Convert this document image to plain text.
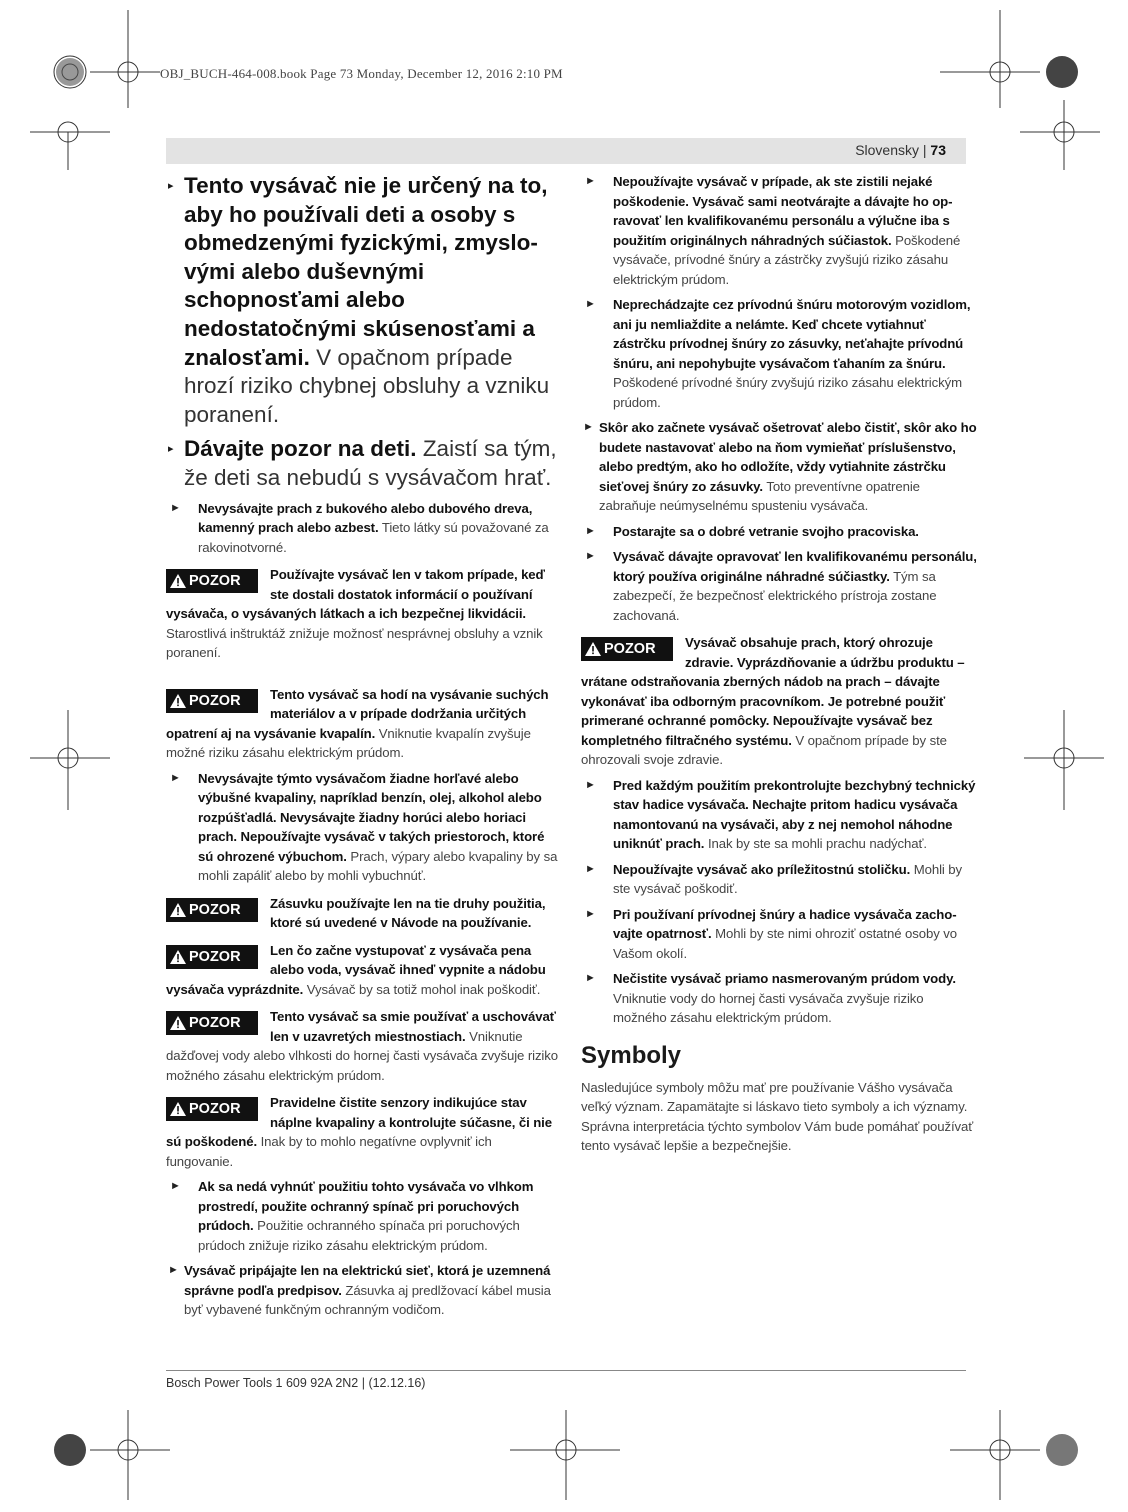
OBJ_BUCH-464-008.book Page 73 Monday, December 12, 2016 2:10 PM
Slovensky | 73
▸ Tento vysávač nie je určený na to, aby ho používali deti a osoby s obmedzenými fyzickými, zmyslovými alebo duševnými schopnosťami alebo nedostatočnými skúsenosťami a znalosťami. V opačnom prípade hrozí riziko chybnej obsluhy a vzniku poranení.
▸ Dávajte pozor na deti. Zaistí sa tým, že deti sa nebudú s vysávačom hrať.

► Nevysávajte prach z bukového alebo dubového dreva, kamenný prach alebo azbest. Tieto látky sú považované za rakovinotvorné.

POZOR	Používajte vysávač len v takom prípade, keď ste dostali dostatok informácií o používaní vysávača, o vysávaných látkach a ich bezpečnej likvidácii. Starostlivá inštruktáž znižuje možnosť nesprávnej obsluhy a vznik poranení.

POZOR	Tento vysávač sa hodí na vysávanie suchých materiálov a v prípade dodržania určitých opatrení aj na vysávanie kvapalín. Vniknutie kvapalín zvyšuje možné riziku zásahu elektrickým prúdom.

► Nevysávajte týmto vysávačom žiadne horľavé alebo výbušné kvapaliny, napríklad benzín, olej, alkohol alebo rozpúšťadlá. Nevysávajte žiadny horúci alebo horiaci prach. Nepoužívajte vysávač v takých priestoroch, ktoré sú ohrozené výbuchom. Prach, výpary alebo kvapaliny by sa mohli zapáliť alebo by mohli vybuchnúť.

POZOR	Zásuvku používajte len na tie druhy použitia, ktoré sú uvedené v Návode na používanie.

POZOR	Len čo začne vystupovať z vysávača pena alebo voda, vysávač ihneď vypnite a nádobu vysávača vyprázdnite. Vysávač by sa totiž mohol inak poškodiť.

POZOR	Tento vysávač sa smie používať a uschovávať len v uzavretých miestnostiach. Vniknutie dažďovej vody alebo vlhkosti do hornej časti vysávača zvyšuje riziko možného zásahu elektrickým prúdom.

POZOR	Pravidelne čistite senzory indikujúce stav náplne kvapaliny a kontrolujte súčasne, či nie sú poškodené. Inak by to mohlo negatívne ovplyvniť ich fungovanie.

► Ak sa nedá vyhnúť použitiu tohto vysávača vo vlhkom prostredí, použite ochranný spínač pri poruchových prúdoch. Použitie ochranného spínača pri poruchových prúdoch znižuje riziko zásahu elektrickým prúdom.

► Vysávač pripájajte len na elektrickú sieť, ktorá je uzemnená správne podľa predpisov. Zásuvka aj predlžovací kábel musia byť vybavené funkčným ochranným vodičom.

► Nepoužívajte vysávač v prípade, ak ste zistili nejaké poškodenie. Vysávač sami neotvárajte a dávajte ho opravovať len kvalifikovanému personálu a výlučne iba s použitím originálnych náhradných súčiastok. Poškodené vysávače, prívodné šnúry a zástrčky zvyšujú riziko zásahu elektrickým prúdom.

► Neprechádzajte cez prívodnú šnúru motorovým vozidlom, ani ju nemliaždite a nelámte. Keď chcete vytiahnuť zástrčku prívodnej šnúry zo zásuvky, neťahajte prívodnú šnúru, ani nepohybujte vysávačom ťahaním za šnúru. Poškodené prívodné šnúry zvyšujú riziko zásahu elektrickým prúdom.

► Skôr ako začnete vysávač ošetrovať alebo čistiť, skôr ako ho budete nastavovať alebo na ňom vymieňať príslušenstvo, alebo predtým, ako ho odložíte, vždy vytiahnite zástrčku sieťovej šnúry zo zásuvky. Toto preventívne opatrenie zabraňuje neúmyselnému spusteniu vysávača.

► Postarajte sa o dobré vetranie svojho pracoviska.

► Vysávač dávajte opravovať len kvalifikovanému personálu, ktorý používa originálne náhradné súčiastky. Tým sa zabezpečí, že bezpečnosť elektrického prístroja zostane zachovaná.

POZOR	Vysávač obsahuje prach, ktorý ohrozuje zdravie. Vyprázdňovanie a údržbu produktu – vrátane odstraňovania zberných nádob na prach – dávajte vykonávať iba odborným pracovníkom. Je potrebné použiť primerané ochranné pomôcky. Nepoužívajte vysávač bez kompletného filtračného systému. V opačnom prípade by ste ohrozovali svoje zdravie.

► Pred každým použitím prekontrolujte bezchybný technický stav hadice vysávača. Nechajte pritom hadicu vysávača namontovanú na vysávači, aby z nej nemohol náhodne uniknúť prach. Inak by ste sa mohli prachu nadýchať.

► Nepoužívajte vysávač ako príležitostnú stoličku. Mohli by ste vysávač poškodiť.

► Pri používaní prívodnej šnúry a hadice vysávača zachovajte opatrnosť. Mohli by ste nimi ohroziť ostatné osoby vo Vašom okolí.

► Nečistite vysávač priamo nasmerovaným prúdom vody. Vniknutie vody do hornej časti vysávača zvyšuje riziko možného zásahu elektrickým prúdom.

Symboly

Nasledujúce symboly môžu mať pre používanie Vášho vysávača veľký význam. Zapamätajte si láskavo tieto symboly a ich významy. Správna interpretácia týchto symbolov Vám bude pomáhať používať tento vysávač lepšie a bezpečnejšie.

Bosch Power Tools 1 609 92A 2N2 | (12.12.16)
